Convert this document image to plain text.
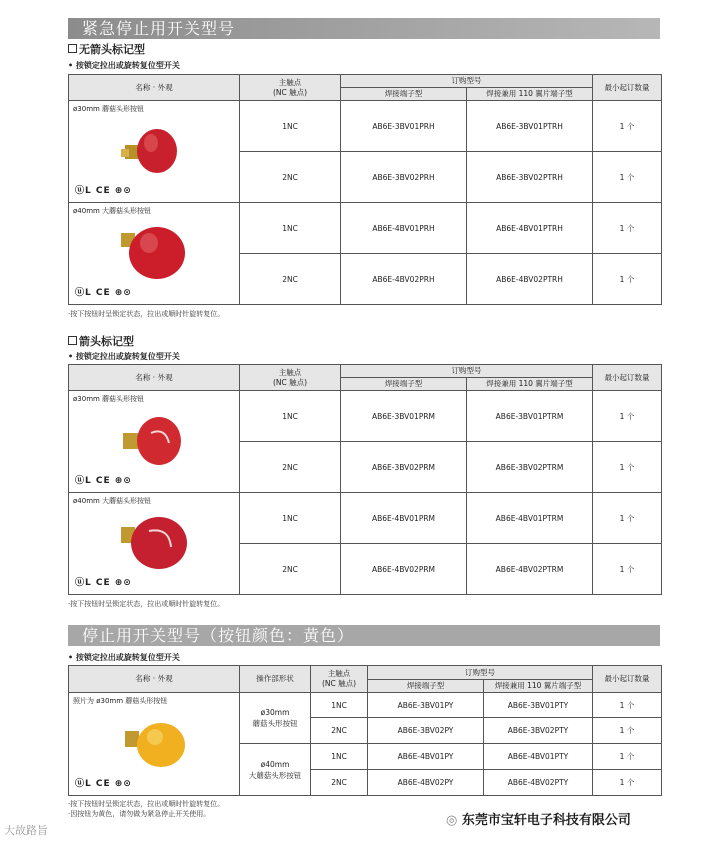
紧急停止用开关型号
无箭头标记型
• 按锁定拉出或旋转复位型开关
名称 · 外观	主触点
(NC 触点)	订购型号		最小起订数量
		焊接端子型	焊接兼用 110 翼片端子型	

ø30mm 蘑菇头形按钮
ⓤL CE ⊕⊙	1NC	AB6E-3BV01PRH	AB6E-3BV01PTRH	1 个
	2NC	AB6E-3BV02PRH	AB6E-3BV02PTRH	1 个

ø40mm 大蘑菇头形按钮
ⓤL CE ⊕⊙	1NC	AB6E-4BV01PRH	AB6E-4BV01PTRH	1 个
	2NC	AB6E-4BV02PRH	AB6E-4BV02PTRH	1 个
·按下按钮时呈锁定状态，拉出或顺时针旋转复位。
箭头标记型
• 按锁定拉出或旋转复位型开关
名称 · 外观	主触点
(NC 触点)	订购型号		最小起订数量
		焊接端子型	焊接兼用 110 翼片端子型	

ø30mm 蘑菇头形按钮
ⓤL CE ⊕⊙	1NC	AB6E-3BV01PRM	AB6E-3BV01PTRM	1 个
	2NC	AB6E-3BV02PRM	AB6E-3BV02PTRM	1 个

ø40mm 大蘑菇头形按钮
ⓤL CE ⊕⊙	1NC	AB6E-4BV01PRM	AB6E-4BV01PTRM	1 个
	2NC	AB6E-4BV02PRM	AB6E-4BV02PTRM	1 个
·按下按钮时呈锁定状态，拉出或顺时针旋转复位。
停止用开关型号（按钮颜色：黄色）
• 按锁定拉出或旋转复位型开关
名称 · 外观	操作部形状	主触点
(NC 触点)	订购型号		最小起订数量
			焊接端子型	焊接兼用 110 翼片端子型	

照片为 ø30mm 蘑菇头形按钮
ⓤL CE ⊕⊙	ø30mm
蘑菇头形按钮	1NC	AB6E-3BV01PY	AB6E-3BV01PTY	1 个
		2NC	AB6E-3BV02PY	AB6E-3BV02PTY	1 个
	ø40mm
大蘑菇头形按钮	1NC	AB6E-4BV01PY	AB6E-4BV01PTY	1 个
		2NC	AB6E-4BV02PY	AB6E-4BV02PTY	1 个
·按下按钮时呈锁定状态，拉出或顺时针旋转复位。
·因按钮为黄色，请勿做为紧急停止开关使用。
大故路旨
◎ 东莞市宝轩电子科技有限公司
